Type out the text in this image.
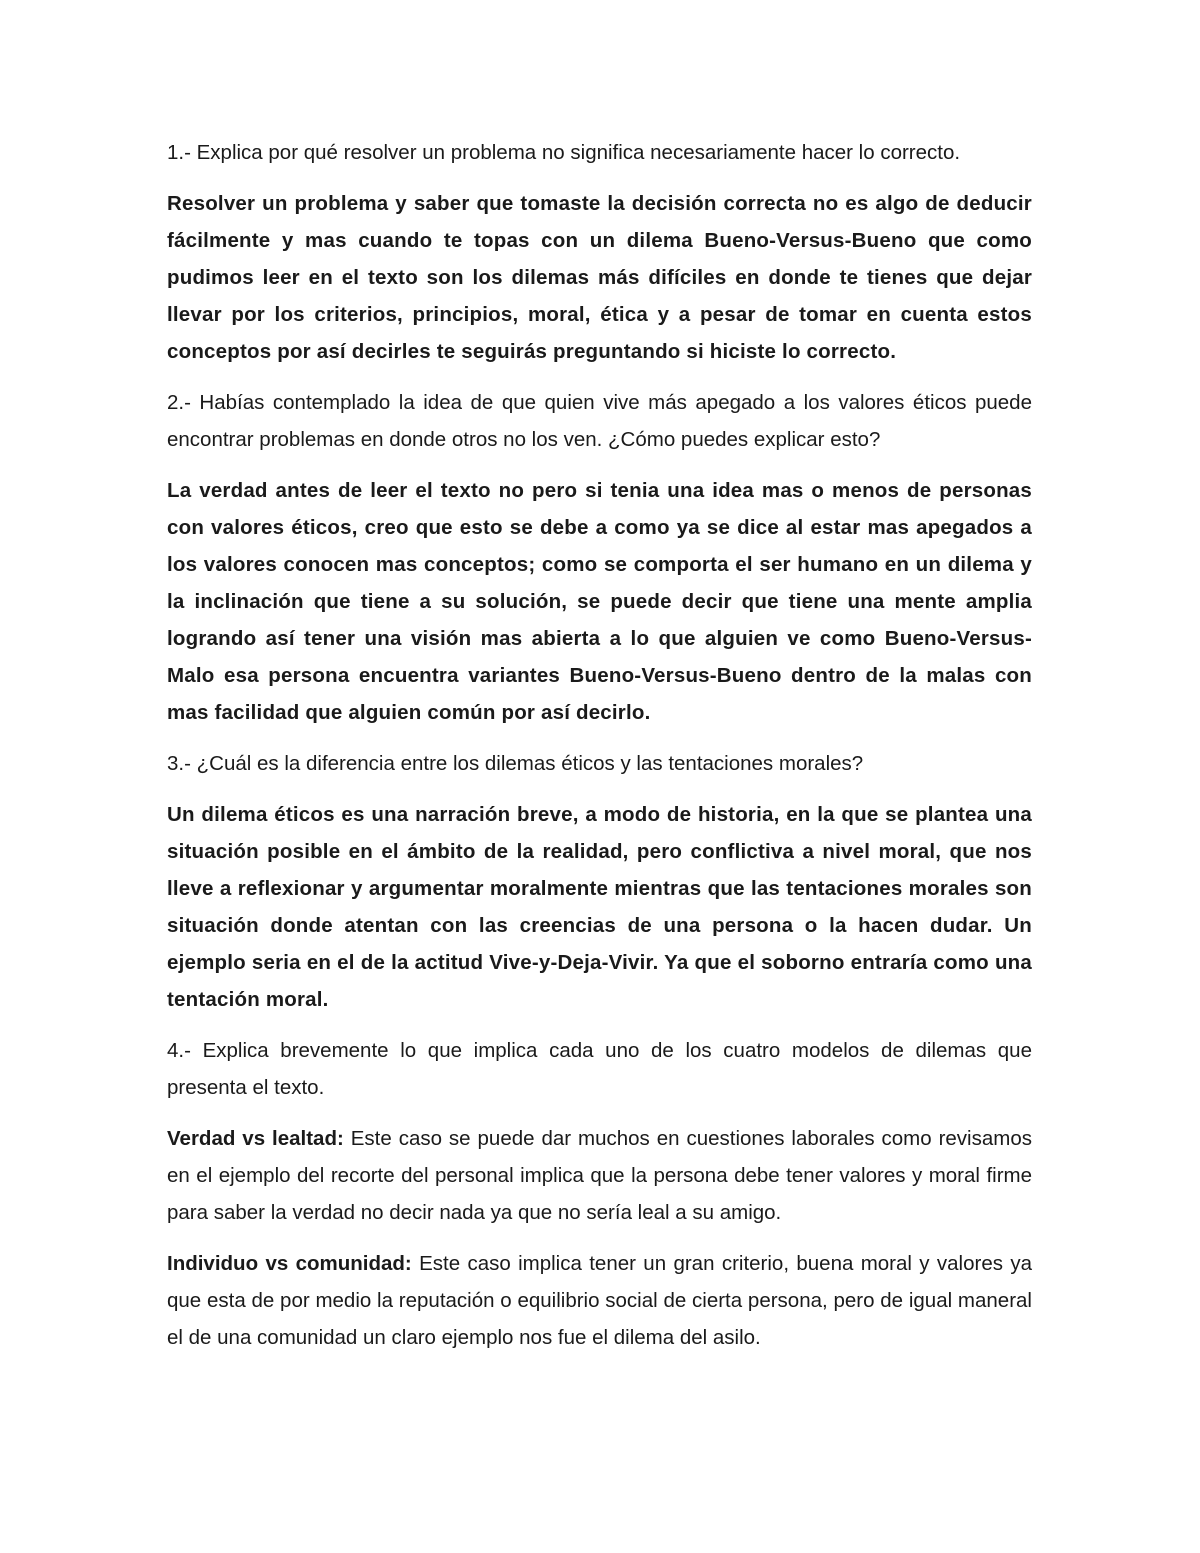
1.- Explica por qué resolver un problema no significa necesariamente hacer lo correcto.

Resolver un problema y saber que tomaste la decisión correcta no es algo de deducir fácilmente y mas cuando te topas con un dilema Bueno-Versus-Bueno que como pudimos leer en el texto son los dilemas más difíciles en donde te tienes que dejar llevar por los criterios, principios, moral, ética y a pesar de tomar en cuenta estos conceptos por así decirles te seguirás preguntando si hiciste lo correcto.

2.- Habías contemplado la idea de que quien vive más apegado a los valores éticos puede encontrar problemas en donde otros no los ven. ¿Cómo puedes explicar esto?

La verdad antes de leer el texto no pero si tenia una idea mas o menos de personas con valores éticos, creo que esto se debe a como ya se dice al estar mas apegados a los valores conocen mas conceptos; como se comporta el ser humano en un dilema y la inclinación que tiene a su solución, se puede decir que tiene una mente amplia logrando así tener una visión mas abierta a lo que alguien ve como Bueno-Versus-Malo esa persona encuentra variantes Bueno-Versus-Bueno dentro de la malas con mas facilidad que alguien común por así decirlo.

3.- ¿Cuál es la diferencia entre los dilemas éticos y las tentaciones morales?

Un dilema éticos es una narración breve, a modo de historia, en la que se plantea una situación posible en el ámbito de la realidad, pero conflictiva a nivel moral, que nos lleve a reflexionar y argumentar moralmente mientras que las tentaciones morales son situación donde atentan con las creencias de una persona o la hacen dudar. Un ejemplo seria en el de la actitud Vive-y-Deja-Vivir. Ya que el soborno entraría como una tentación moral.

4.- Explica brevemente lo que implica cada uno de los cuatro modelos de dilemas que presenta el texto.

Verdad vs lealtad: Este caso se puede dar muchos en cuestiones laborales como revisamos en el ejemplo del recorte del personal implica que la persona debe tener valores y moral firme para saber la verdad no decir nada ya que no sería leal a su amigo.

Individuo vs comunidad: Este caso implica tener un gran criterio, buena moral y valores ya que esta de por medio la reputación o equilibrio social de cierta persona, pero de igual maneral el de una comunidad un claro ejemplo nos fue el dilema del asilo.
